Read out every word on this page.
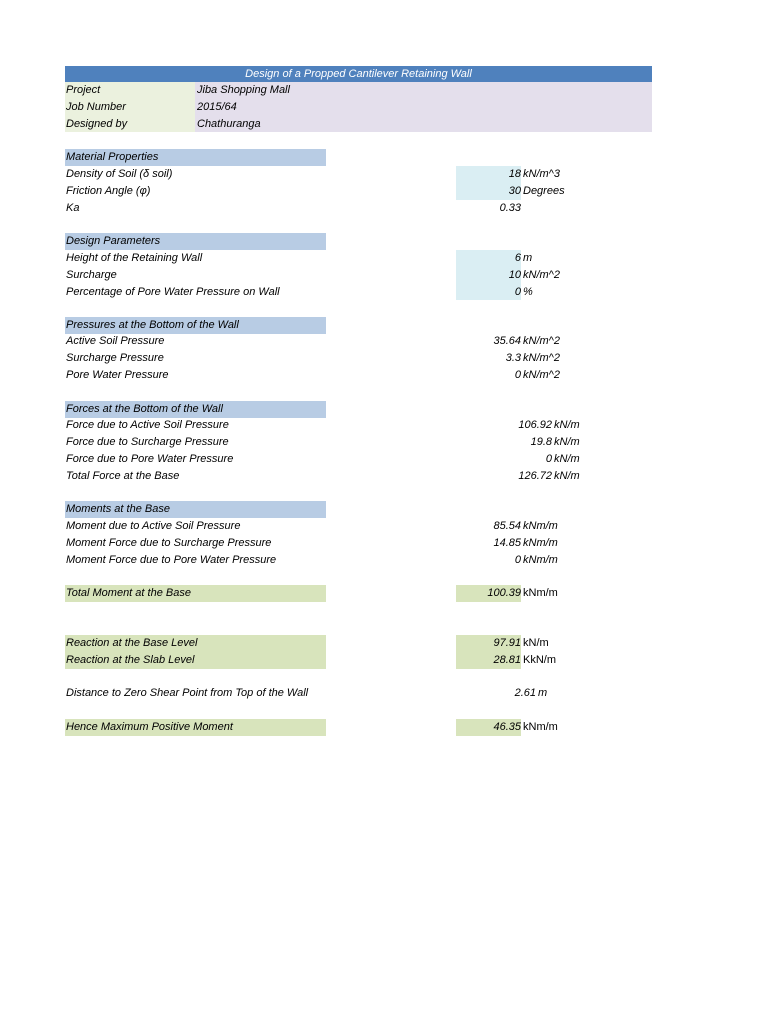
Design of a Propped Cantilever Retaining Wall
Project	Jiba Shopping Mall
Job Number	2015/64
Designed by	Chathuranga
Material Properties
Density of Soil (δ soil)	18 kN/m^3
Friction Angle (φ)	30 Degrees
Ka	0.33
Design Parameters
Height of the Retaining Wall	6 m
Surcharge	10 kN/m^2
Percentage of Pore Water Pressure on Wall	0 %
Pressures at the Bottom of the Wall
Active Soil Pressure	35.64 kN/m^2
Surcharge Pressure	3.3 kN/m^2
Pore Water Pressure	0 kN/m^2
Forces at the Bottom of the Wall
Force due to Active Soil Pressure	106.92 kN/m
Force due to Surcharge Pressure	19.8 kN/m
Force due to Pore Water Pressure	0 kN/m
Total Force at the Base	126.72 kN/m
Moments at the Base
Moment due to Active Soil Pressure	85.54 kNm/m
Moment Force due to Surcharge Pressure	14.85 kNm/m
Moment Force due to Pore Water Pressure	0 kNm/m
Total Moment at the Base	100.39 kNm/m
Reaction at the Base Level	97.91 kN/m
Reaction at the Slab Level	28.81 KkN/m
Distance to Zero Shear Point from Top of the Wall	2.61 m
Hence Maximum Positive Moment	46.35 kNm/m
